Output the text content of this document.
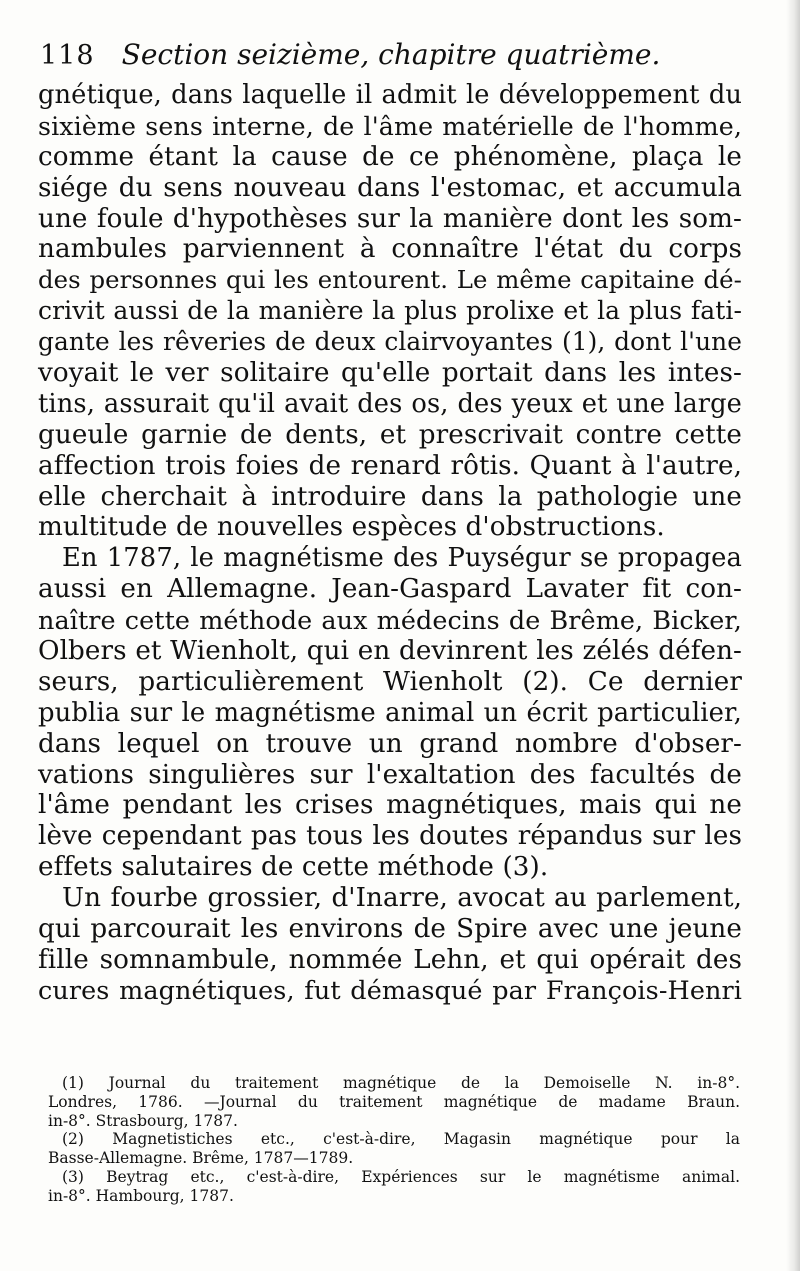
118 Section seizième, chapitre quatrième.
gnétique, dans laquelle il admit le développement du
sixième sens interne, de l'âme matérielle de l'homme,
comme étant la cause de ce phénomène, plaça le
siége du sens nouveau dans l'estomac, et accumula
une foule d'hypothèses sur la manière dont les som-
nambules parviennent à connaître l'état du corps
des personnes qui les entourent. Le même capitaine dé-
crivit aussi de la manière la plus prolixe et la plus fati-
gante les rêveries de deux clairvoyantes (1), dont l'une
voyait le ver solitaire qu'elle portait dans les intes-
tins, assurait qu'il avait des os, des yeux et une large
gueule garnie de dents, et prescrivait contre cette
affection trois foies de renard rôtis. Quant à l'autre,
elle cherchait à introduire dans la pathologie une
multitude de nouvelles espèces d'obstructions.
En 1787, le magnétisme des Puységur se propagea
aussi en Allemagne. Jean-Gaspard Lavater fit con-
naître cette méthode aux médecins de Brême, Bicker,
Olbers et Wienholt, qui en devinrent les zélés défen-
seurs, particulièrement Wienholt (2). Ce dernier
publia sur le magnétisme animal un écrit particulier,
dans lequel on trouve un grand nombre d'obser-
vations singulières sur l'exaltation des facultés de
l'âme pendant les crises magnétiques, mais qui ne
lève cependant pas tous les doutes répandus sur les
effets salutaires de cette méthode (3).
Un fourbe grossier, d'Inarre, avocat au parlement,
qui parcourait les environs de Spire avec une jeune
fille somnambule, nommée Lehn, et qui opérait des
cures magnétiques, fut démasqué par François-Henri
(1) Journal du traitement magnétique de la Demoiselle N. in-8°.
Londres, 1786. —Journal du traitement magnétique de madame Braun.
in-8°. Strasbourg, 1787.
(2) Magnetistiches etc., c'est-à-dire, Magasin magnétique pour la
Basse-Allemagne. Brême, 1787—1789.
(3) Beytrag etc., c'est-à-dire, Expériences sur le magnétisme animal.
in-8°. Hambourg, 1787.
